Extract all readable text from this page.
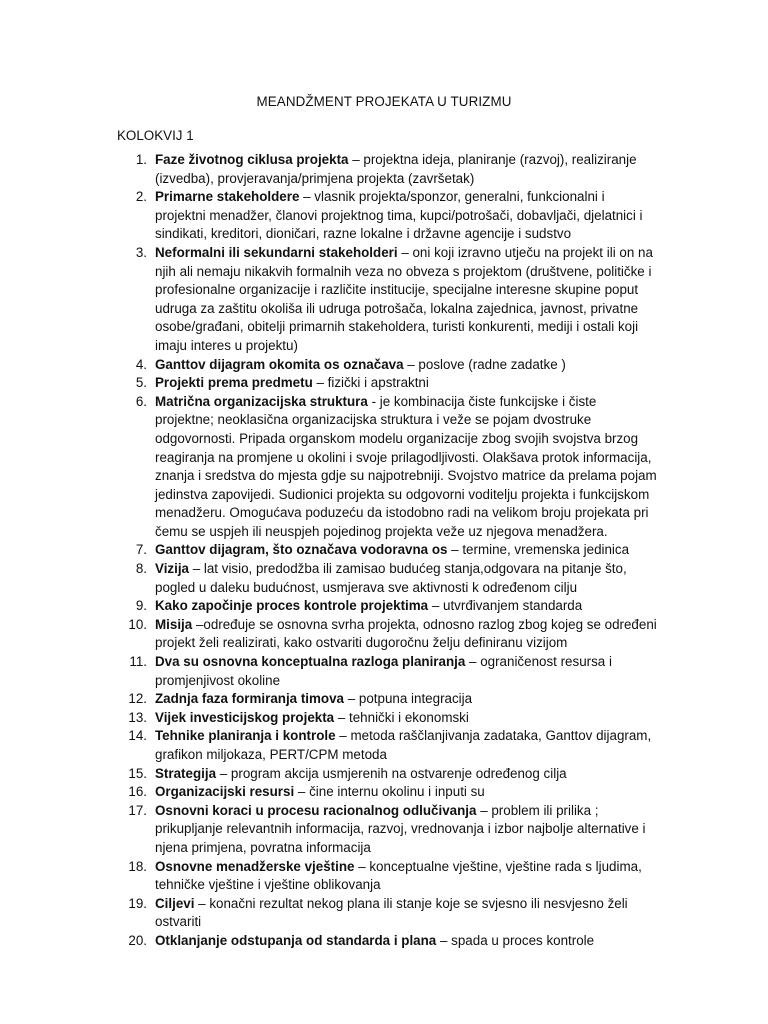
MEANDŽMENT PROJEKATA U TURIZMU
KOLOKVIJ 1
1. Faze životnog ciklusa projekta – projektna ideja, planiranje (razvoj), realiziranje (izvedba), provjeravanja/primjena projekta (završetak)
2. Primarne stakeholdere – vlasnik projekta/sponzor, generalni, funkcionalni i projektni menadžer, članovi projektnog tima, kupci/potrošači, dobavljači, djelatnici i sindikati, kreditori, dioničari, razne lokalne i državne agencije i sudstvo
3. Neformalni ili sekundarni stakeholderi – oni koji izravno utječu na projekt ili on na njih ali nemaju nikakvih formalnih veza no obveza s projektom (društvene, političke i profesionalne organizacije i različite institucije, specijalne interesne skupine poput udruga za zaštitu okoliša ili udruga potrošača, lokalna zajednica, javnost, privatne osobe/građani, obitelji primarnih stakeholdera, turisti konkurenti, mediji i ostali koji imaju interes u projektu)
4. Ganttov dijagram okomita os označava – poslove (radne zadatke )
5. Projekti prema predmetu – fizički i apstraktni
6. Matrična organizacijska struktura - je kombinacija čiste funkcijske i čiste projektne; neoklasična organizacijska struktura i veže se pojam dvostruke odgovornosti. Pripada organskom modelu organizacije zbog svojih svojstva brzog reagiranja na promjene u okolini i svoje prilagodljivosti. Olakšava protok informacija, znanja i sredstva do mjesta gdje su najpotrebniji. Svojstvo matrice da prelama pojam jedinstva zapovijedi. Sudionici projekta su odgovorni voditelju projekta i funkcijskom menadžeru. Omogućava poduzeću da istodobno radi na velikom broju projekata pri čemu se uspjeh ili neuspjeh pojedinog projekta veže uz njegova menadžera.
7. Ganttov dijagram, što označava vodoravna os – termine, vremenska jedinica
8. Vizija – lat visio, predodžba ili zamisao budućeg stanja,odgovara na pitanje što, pogled u daleku budućnost, usmjerava sve aktivnosti k određenom cilju
9. Kako započinje proces kontrole projektima – utvrđivanjem standarda
10. Misija –određuje se osnovna svrha projekta, odnosno razlog zbog kojeg se određeni projekt želi realizirati, kako ostvariti dugoročnu želju definiranu vizijom
11. Dva su osnovna konceptualna razloga planiranja – ograničenost resursa i promjenjivost okoline
12. Zadnja faza formiranja timova – potpuna integracija
13. Vijek investicijskog projekta – tehnički i ekonomski
14. Tehnike planiranja i kontrole – metoda raščlanjivanja zadataka, Ganttov dijagram, grafikon miljokaza, PERT/CPM metoda
15. Strategija – program akcija usmjerenih na ostvarenje određenog cilja
16. Organizacijski resursi – čine internu okolinu i inputi su
17. Osnovni koraci u procesu racionalnog odlučivanja – problem ili prilika ; prikupljanje relevantnih informacija, razvoj, vrednovanja i izbor najbolje alternative i njena primjena, povratna informacija
18. Osnovne menadžerske vještine – konceptualne vještine, vještine rada s ljudima, tehničke vještine i vještine oblikovanja
19. Ciljevi – konačni rezultat nekog plana ili stanje koje se svjesno ili nesvjesno želi ostvariti
20. Otklanjanje odstupanja od standarda i plana – spada u proces kontrole
